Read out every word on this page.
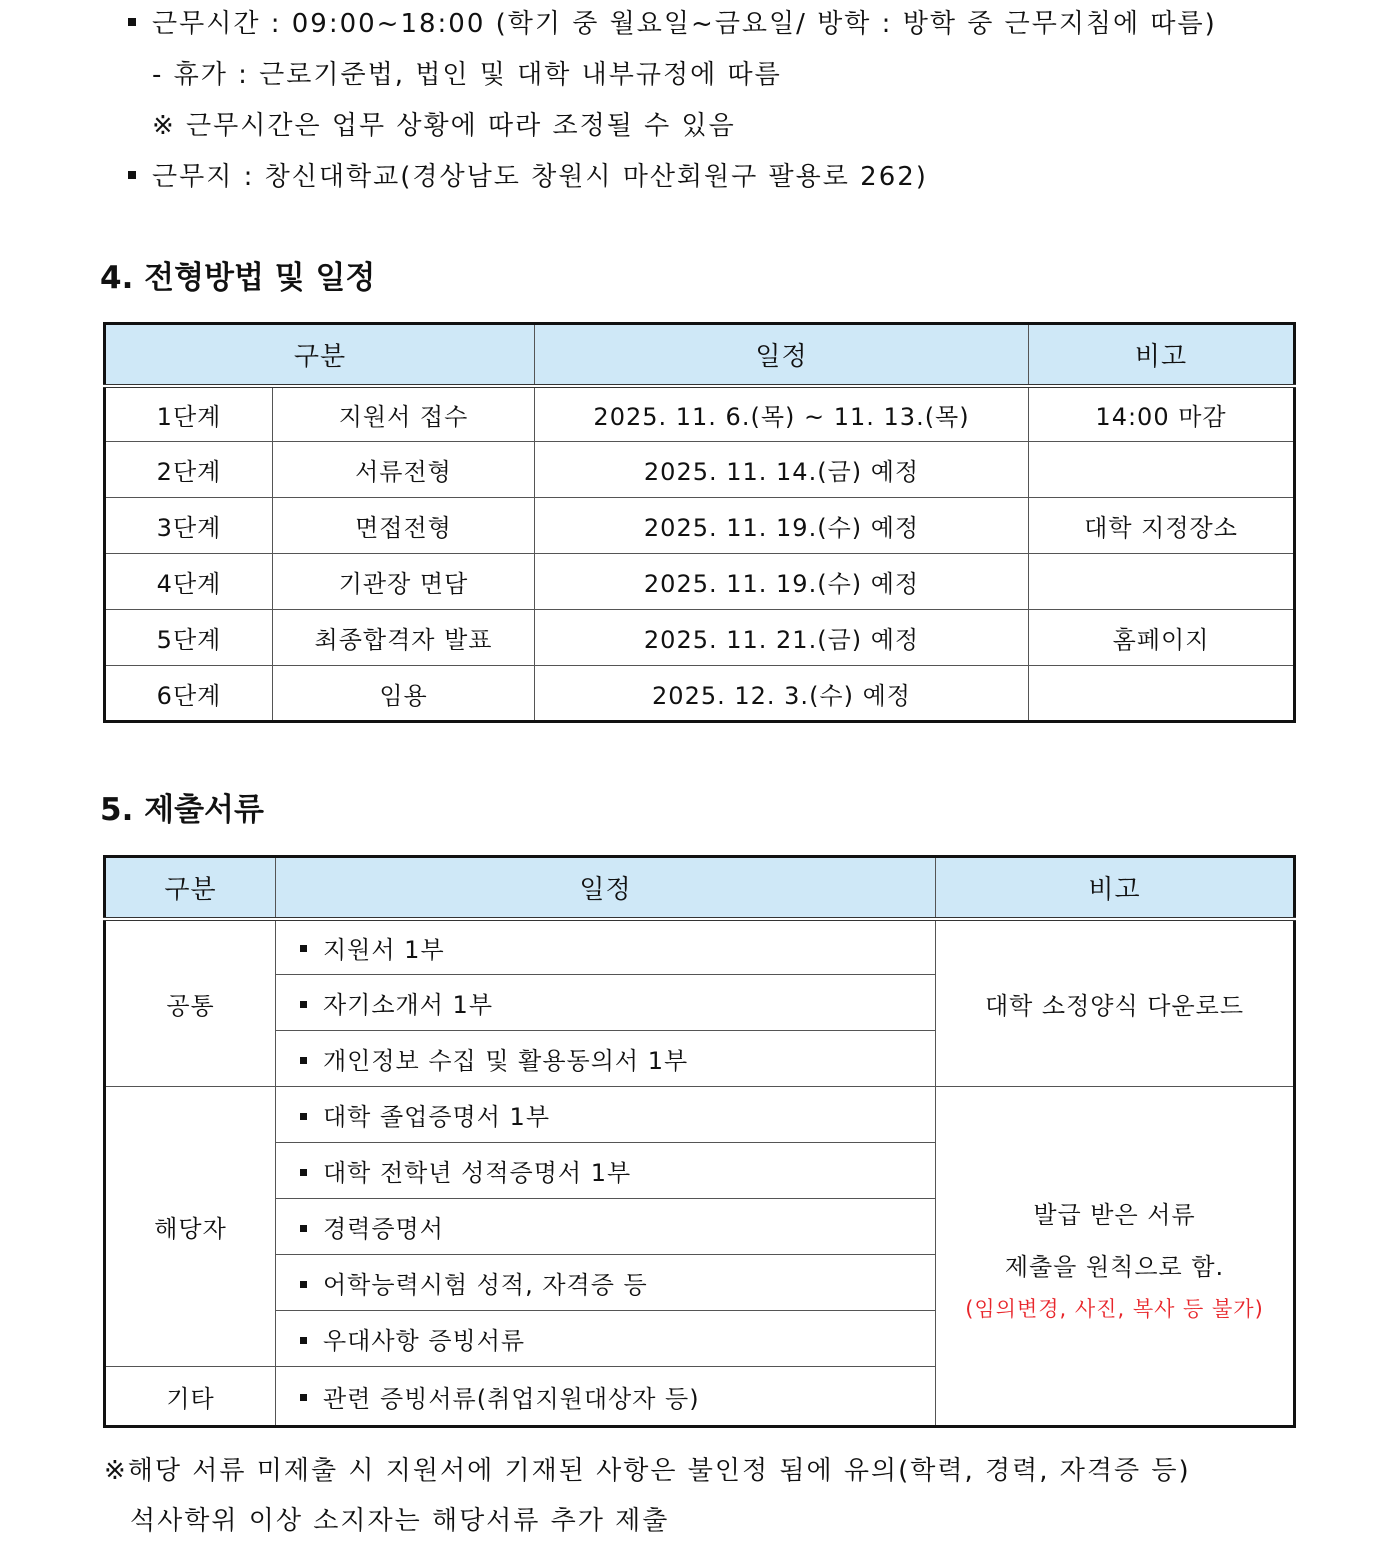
근무시간 : 09:00~18:00 (학기 중 월요일~금요일/ 방학 : 방학 중 근무지침에 따름)
- 휴가 : 근로기준법, 법인 및 대학 내부규정에 따름
※ 근무시간은 업무 상황에 따라 조정될 수 있음
근무지 : 창신대학교(경상남도 창원시 마산회원구 팔용로 262)
4. 전형방법 및 일정
구분		일정	비고
1단계	지원서 접수	2025. 11. 6.(목) ~ 11. 13.(목)	14:00 마감
2단계	서류전형	2025. 11. 14.(금) 예정	
3단계	면접전형	2025. 11. 19.(수) 예정	대학 지정장소
4단계	기관장 면담	2025. 11. 19.(수) 예정	
5단계	최종합격자 발표	2025. 11. 21.(금) 예정	홈페이지
6단계	임용	2025. 12. 3.(수) 예정	
5. 제출서류
구분	일정	비고
공통	지원서 1부	대학 소정양식 다운로드
	자기소개서 1부	
	개인정보 수집 및 활용동의서 1부	
해당자	대학 졸업증명서 1부	발급 받은 서류
제출을 원칙으로 함.
(임의변경, 사진, 복사 등 불가)

	대학 전학년 성적증명서 1부	
	경력증명서	
	어학능력시험 성적, 자격증 등	
	우대사항 증빙서류	
기타	관련 증빙서류(취업지원대상자 등)	
※해당 서류 미제출 시 지원서에 기재된 사항은 불인정 됨에 유의(학력, 경력, 자격증 등)
석사학위 이상 소지자는 해당서류 추가 제출
